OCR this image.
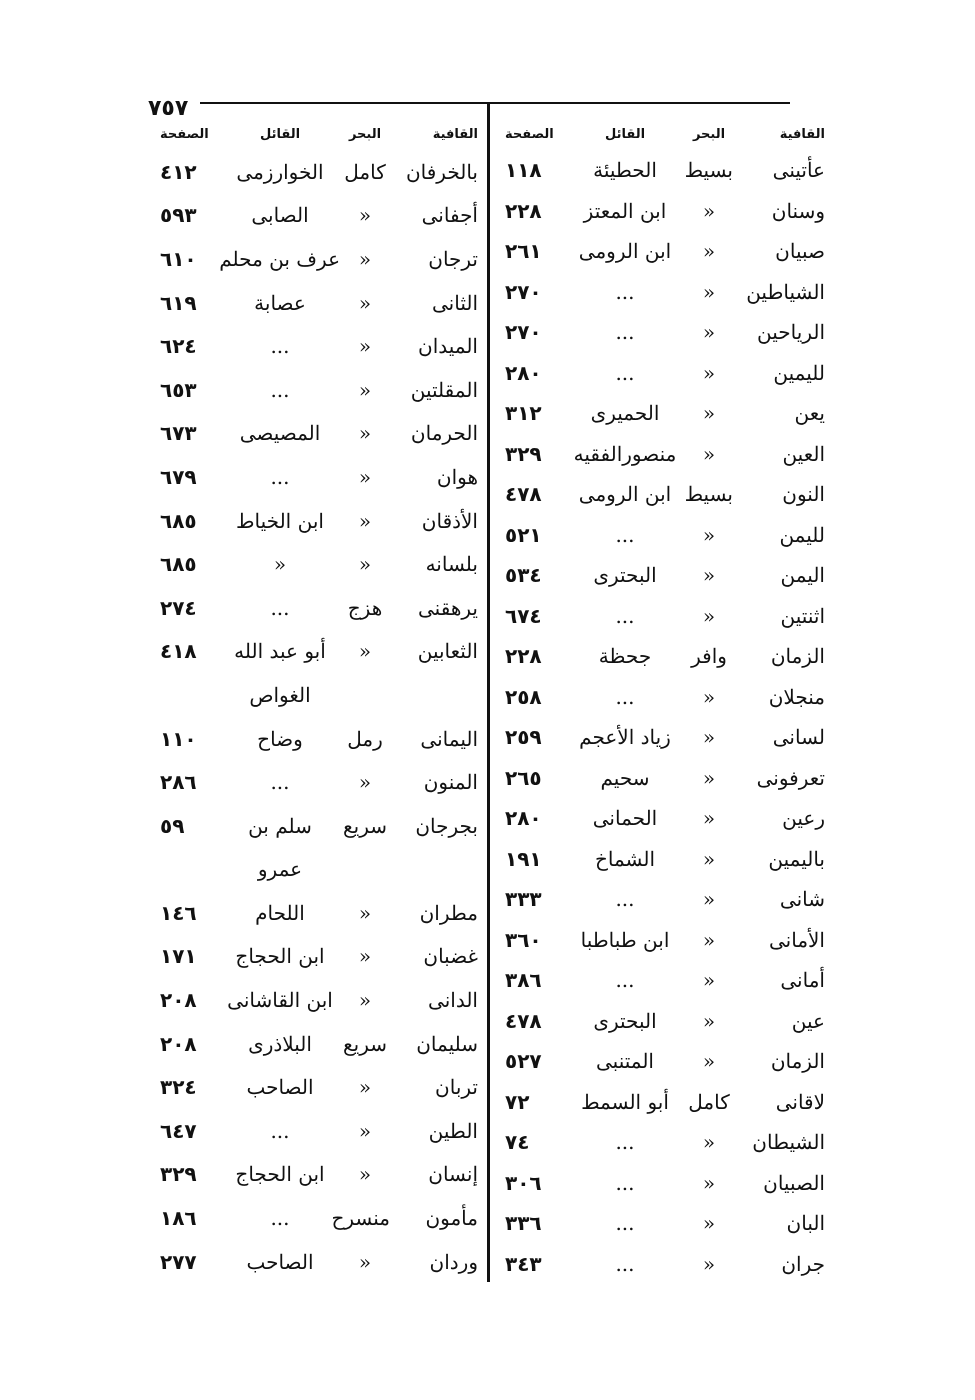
٧٥٧
القافية
البحر
القائل
الصفحة
عأتينى
بسيط
الحطيئة
١١٨
وسنان
«
ابن المعتز
٢٢٨
صبيان
«
ابن الرومى
٢٦١
الشياطين
«
...
٢٧٠
الرياحين
«
...
٢٧٠
لليمين
«
...
٢٨٠
يعن
«
الحميرى
٣١٢
العين
«
منصورالفقيه
٣٢٩
النون
بسيط
ابن الرومى
٤٧٨
لليمن
«
...
٥٢١
اليمن
«
البحترى
٥٣٤
اثنتين
«
...
٦٧٤
الزمان
وافر
جحظة
٢٢٨
منجلان
«
...
٢٥٨
لسانى
«
زياد الأعجم
٢٥٩
تعرفونى
«
سحيم
٢٦٥
رعين
«
الحمانى
٢٨٠
باليمين
«
الشماخ
١٩١
شانى
«
...
٣٣٣
الأمانى
«
ابن طباطبا
٣٦٠
أمانى
«
...
٣٨٦
عين
«
البحترى
٤٧٨
الزمان
«
المتنبى
٥٢٧
لاقانى
كامل
أبو السمط
٧٢
الشيطان
«
...
٧٤
الصبيان
«
...
٣٠٦
البان
«
...
٣٣٦
جران
«
...
٣٤٣
القافية
البحر
القائل
الصفحة
بالخرفان
كامل
الخوارزمى
٤١٢
أجفانى
«
الصابى
٥٩٣
ترجان
«
عرف بن محلم
٦١٠
الثانى
«
عصابة
٦١٩
الميدان
«
...
٦٢٤
المقلتين
«
...
٦٥٣
الحرمان
«
المصيصى
٦٧٣
هوان
«
...
٦٧٩
الأذقان
«
ابن الخياط
٦٨٥
بلسانه
«
«
٦٨٥
يرهقنى
هزج
...
٢٧٤
الثعابين
«
أبو عبد الله
٤١٨
الغواص
اليمانى
رمل
وضاح
١١٠
المنون
«
...
٢٨٦
بجرجان
سريع
سلم بن
٥٩
عمرو
مطران
«
اللحام
١٤٦
غضبان
«
ابن الحجاج
١٧١
الدانى
«
ابن القاشانى
٢٠٨
سليمان
سريع
البلاذرى
٢٠٨
تربان
«
الصاحب
٣٢٤
الطين
«
...
٦٤٧
إنسان
«
ابن الحجاج
٣٢٩
مأمون
منسرح
...
١٨٦
وردان
«
الصاحب
٢٧٧
